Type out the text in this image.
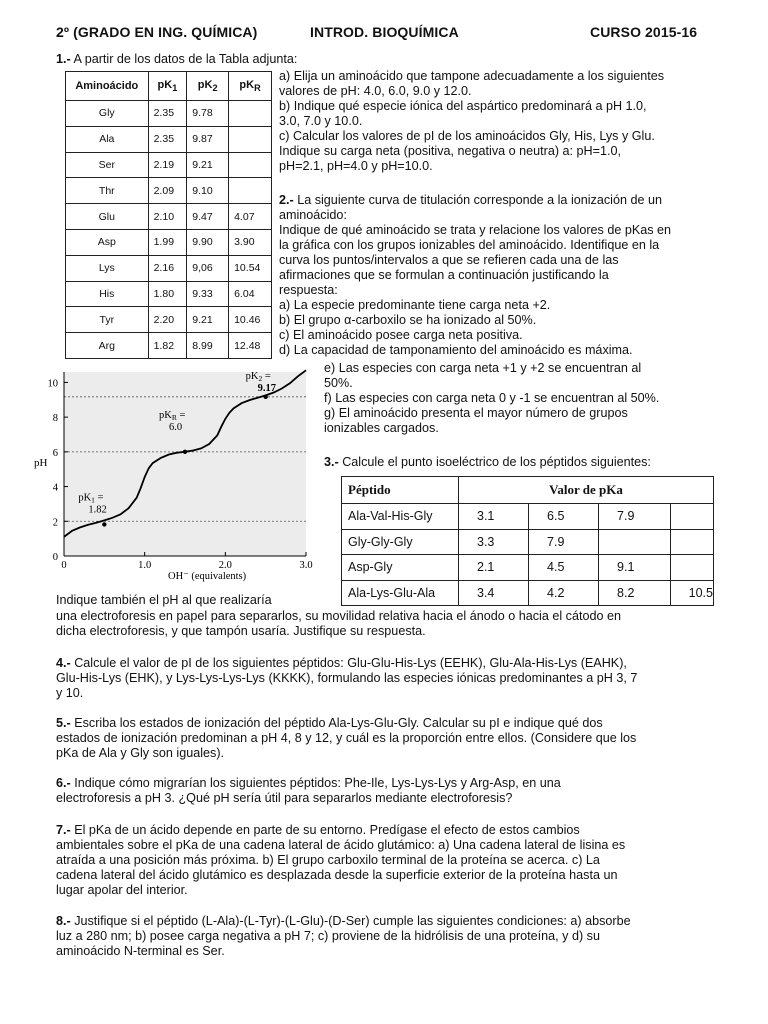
2º (GRADO EN ING. QUÍMICA)	INTROD. BIOQUÍMICA	CURSO 2015-16
1.- A partir de los datos de la Tabla adjunta:
Aminoácido	$pK_1$	$pK_2$	$pK_R$
Gly	2.35	9.78	
Ala	2.35	9.87	
Ser	2.19	9.21	
Thr	2.09	9.10	
Glu	2.10	9.47	4.07
Asp	1.99	9.90	3.90
Lys	2.16	9,06	10.54
His	1.80	9.33	6.04
Tyr	2.20	9.21	10.46
Arg	1.82	8.99	12.48
a) Elija un aminoácido que tampone adecuadamente a los siguientes
valores de pH: 4.0, 6.0, 9.0 y 12.0.
b) Indique qué especie iónica del aspártico predominará a pH 1.0,
3.0, 7.0 y 10.0.
c) Calcular los valores de pI de los aminoácidos Gly, His, Lys y Glu.
Indique su carga neta (positiva, negativa o neutra) a: pH=1.0,
pH=2.1, pH=4.0 y pH=10.0.
2.- La siguiente curva de titulación corresponde a la ionización de un
aminoácido:
Indique de qué aminoácido se trata y relacione los valores de pKas en
la gráfica con los grupos ionizables del aminoácido. Identifique en la
curva los puntos/intervalos a que se refieren cada una de las
afirmaciones que se formulan a continuación justificando la
respuesta:
a) La especie predominante tiene carga neta +2.
b) El grupo α-carboxilo se ha ionizado al 50%.
c) El aminoácido posee carga neta positiva.
d) La capacidad de tamponamiento del aminoácido es máxima.
e) Las especies con carga neta +1 y +2 se encuentran al
50%.
f) Las especies con carga neta 0 y -1 se encuentran al 50%.
g) El aminoácido presenta el mayor número de grupos
ionizables cargados.
0
2
4
6
8
10
0	1.0	2.0	3.0
pK1 =
1.82
pKR =
6.0
pK2 =
9.17
pH
OH⁻ (equivalents)
3.- Calcule el punto isoeléctrico de los péptidos siguientes:
Péptido	Valor de pKa			
Ala-Val-His-Gly	3.1	6.5	7.9	
Gly-Gly-Gly	3.3	7.9		
Asp-Gly	2.1	4.5	9.1	
Ala-Lys-Glu-Ala	3.4	4.2	8.2	10.5
Indique también el pH al que realizaría
una electroforesis en papel para separarlos, su movilidad relativa hacia el ánodo o hacia el cátodo en
dicha electroforesis, y que tampón usaría. Justifique su respuesta.
4.- Calcule el valor de pI de los siguientes péptidos: Glu-Glu-His-Lys (EEHK), Glu-Ala-His-Lys (EAHK),
Glu-His-Lys (EHK), y Lys-Lys-Lys-Lys (KKKK), formulando las especies iónicas predominantes a pH 3, 7
y 10.
5.- Escriba los estados de ionización del péptido Ala-Lys-Glu-Gly. Calcular su pI e indique qué dos
estados de ionización predominan a pH 4, 8 y 12, y cuál es la proporción entre ellos. (Considere que los
pKa de Ala y Gly son iguales).
6.- Indique cómo migrarían los siguientes péptidos: Phe-Ile, Lys-Lys-Lys y Arg-Asp, en una
electroforesis a pH 3. ¿Qué pH sería útil para separarlos mediante electroforesis?
7.- El pKa de un ácido depende en parte de su entorno. Predígase el efecto de estos cambios
ambientales sobre el pKa de una cadena lateral de ácido glutámico: a) Una cadena lateral de lisina es
atraída a una posición más próxima. b) El grupo carboxilo terminal de la proteína se acerca. c) La
cadena lateral del ácido glutámico es desplazada desde la superficie exterior de la proteína hasta un
lugar apolar del interior.
8.- Justifique si el péptido (L-Ala)-(L-Tyr)-(L-Glu)-(D-Ser) cumple las siguientes condiciones: a) absorbe
luz a 280 nm; b) posee carga negativa a pH 7; c) proviene de la hidrólisis de una proteína, y d) su
aminoácido N-terminal es Ser.
